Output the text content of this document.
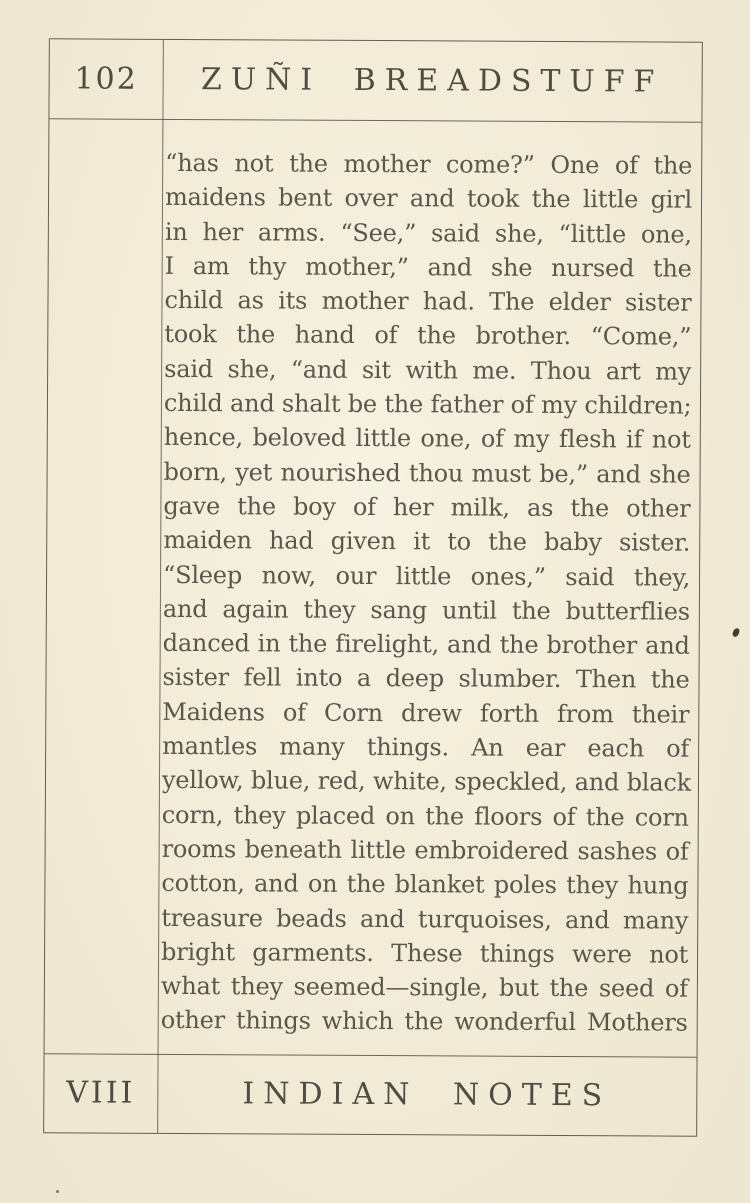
102	ZUÑI BREADSTUFF
“has not the mother come?” One of the
maidens bent over and took the little girl
in her arms. “See,” said she, “little one,
I am thy mother,” and she nursed the
child as its mother had. The elder sister
took the hand of the brother. “Come,”
said she, “and sit with me. Thou art my
child and shalt be the father of my children;
hence, beloved little one, of my flesh if not
born, yet nourished thou must be,” and she
gave the boy of her milk, as the other
maiden had given it to the baby sister.
“Sleep now, our little ones,” said they,
and again they sang until the butterflies
danced in the firelight, and the brother and
sister fell into a deep slumber. Then the
Maidens of Corn drew forth from their
mantles many things. An ear each of
yellow, blue, red, white, speckled, and black
corn, they placed on the floors of the corn
rooms beneath little embroidered sashes of
cotton, and on the blanket poles they hung
treasure beads and turquoises, and many
bright garments. These things were not
what they seemed—single, but the seed of
other things which the wonderful Mothers
VIII	INDIAN NOTES
